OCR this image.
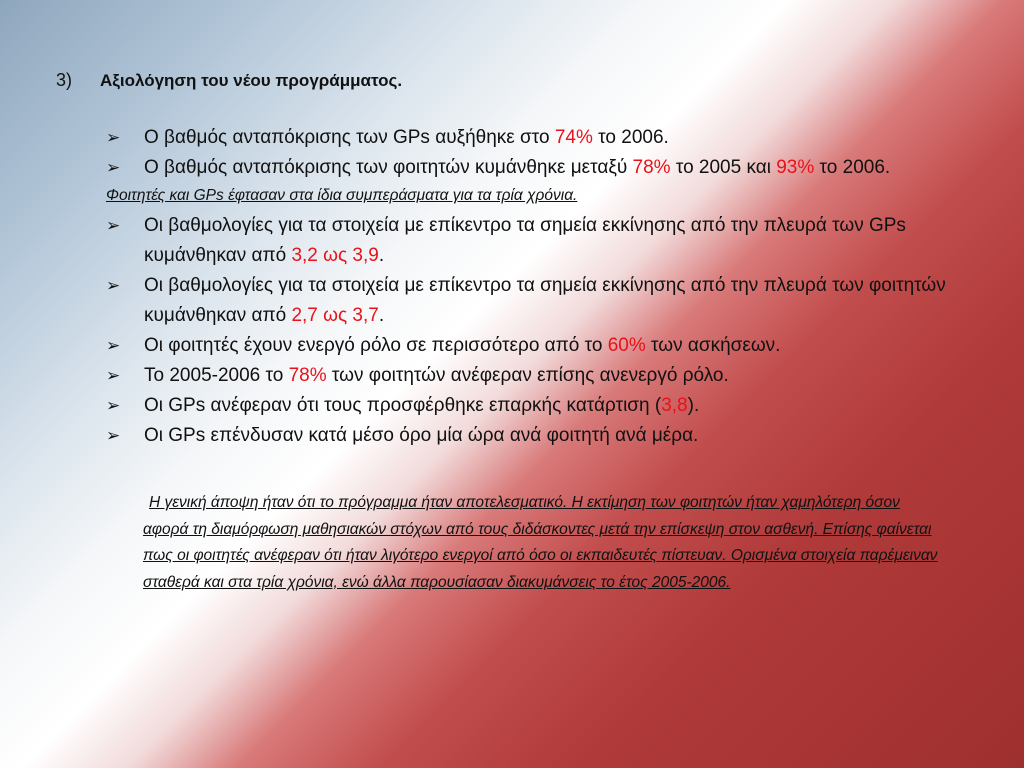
3) Αξιολόγηση του νέου προγράμματος.
➢ Ο βαθμός ανταπόκρισης των GPs αυξήθηκε στο 74% το 2006.
➢ Ο βαθμός ανταπόκρισης των φοιτητών κυμάνθηκε μεταξύ 78% το 2005 και 93% το 2006.
Φοιτητές και GPs έφτασαν στα ίδια συμπεράσματα για τα τρία χρόνια.
➢ Οι βαθμολογίες για τα στοιχεία με επίκεντρο τα σημεία εκκίνησης από την πλευρά των GPs κυμάνθηκαν από 3,2 ως 3,9.
➢ Οι βαθμολογίες για τα στοιχεία με επίκεντρο τα σημεία εκκίνησης από την πλευρά των φοιτητών κυμάνθηκαν από 2,7 ως 3,7.
➢ Οι φοιτητές έχουν ενεργό ρόλο σε περισσότερο από το 60% των ασκήσεων.
➢ Το 2005-2006 το 78% των φοιτητών ανέφεραν επίσης ανενεργό ρόλο.
➢ Οι GPs ανέφεραν ότι τους προσφέρθηκε επαρκής κατάρτιση (3,8).
➢ Οι GPs επένδυσαν κατά μέσο όρο μία ώρα ανά φοιτητή ανά μέρα.
Η γενική άποψη ήταν ότι το πρόγραμμα ήταν αποτελεσματικό. Η εκτίμηση των φοιτητών ήταν χαμηλότερη όσον αφορά τη διαμόρφωση μαθησιακών στόχων από τους διδάσκοντες μετά την επίσκεψη στον ασθενή. Επίσης φαίνεται πως οι φοιτητές ανέφεραν ότι ήταν λιγότερο ενεργοί από όσο οι εκπαιδευτές πίστευαν. Ορισμένα στοιχεία παρέμειναν σταθερά και στα τρία χρόνια, ενώ άλλα παρουσίασαν διακυμάνσεις το έτος 2005-2006.
